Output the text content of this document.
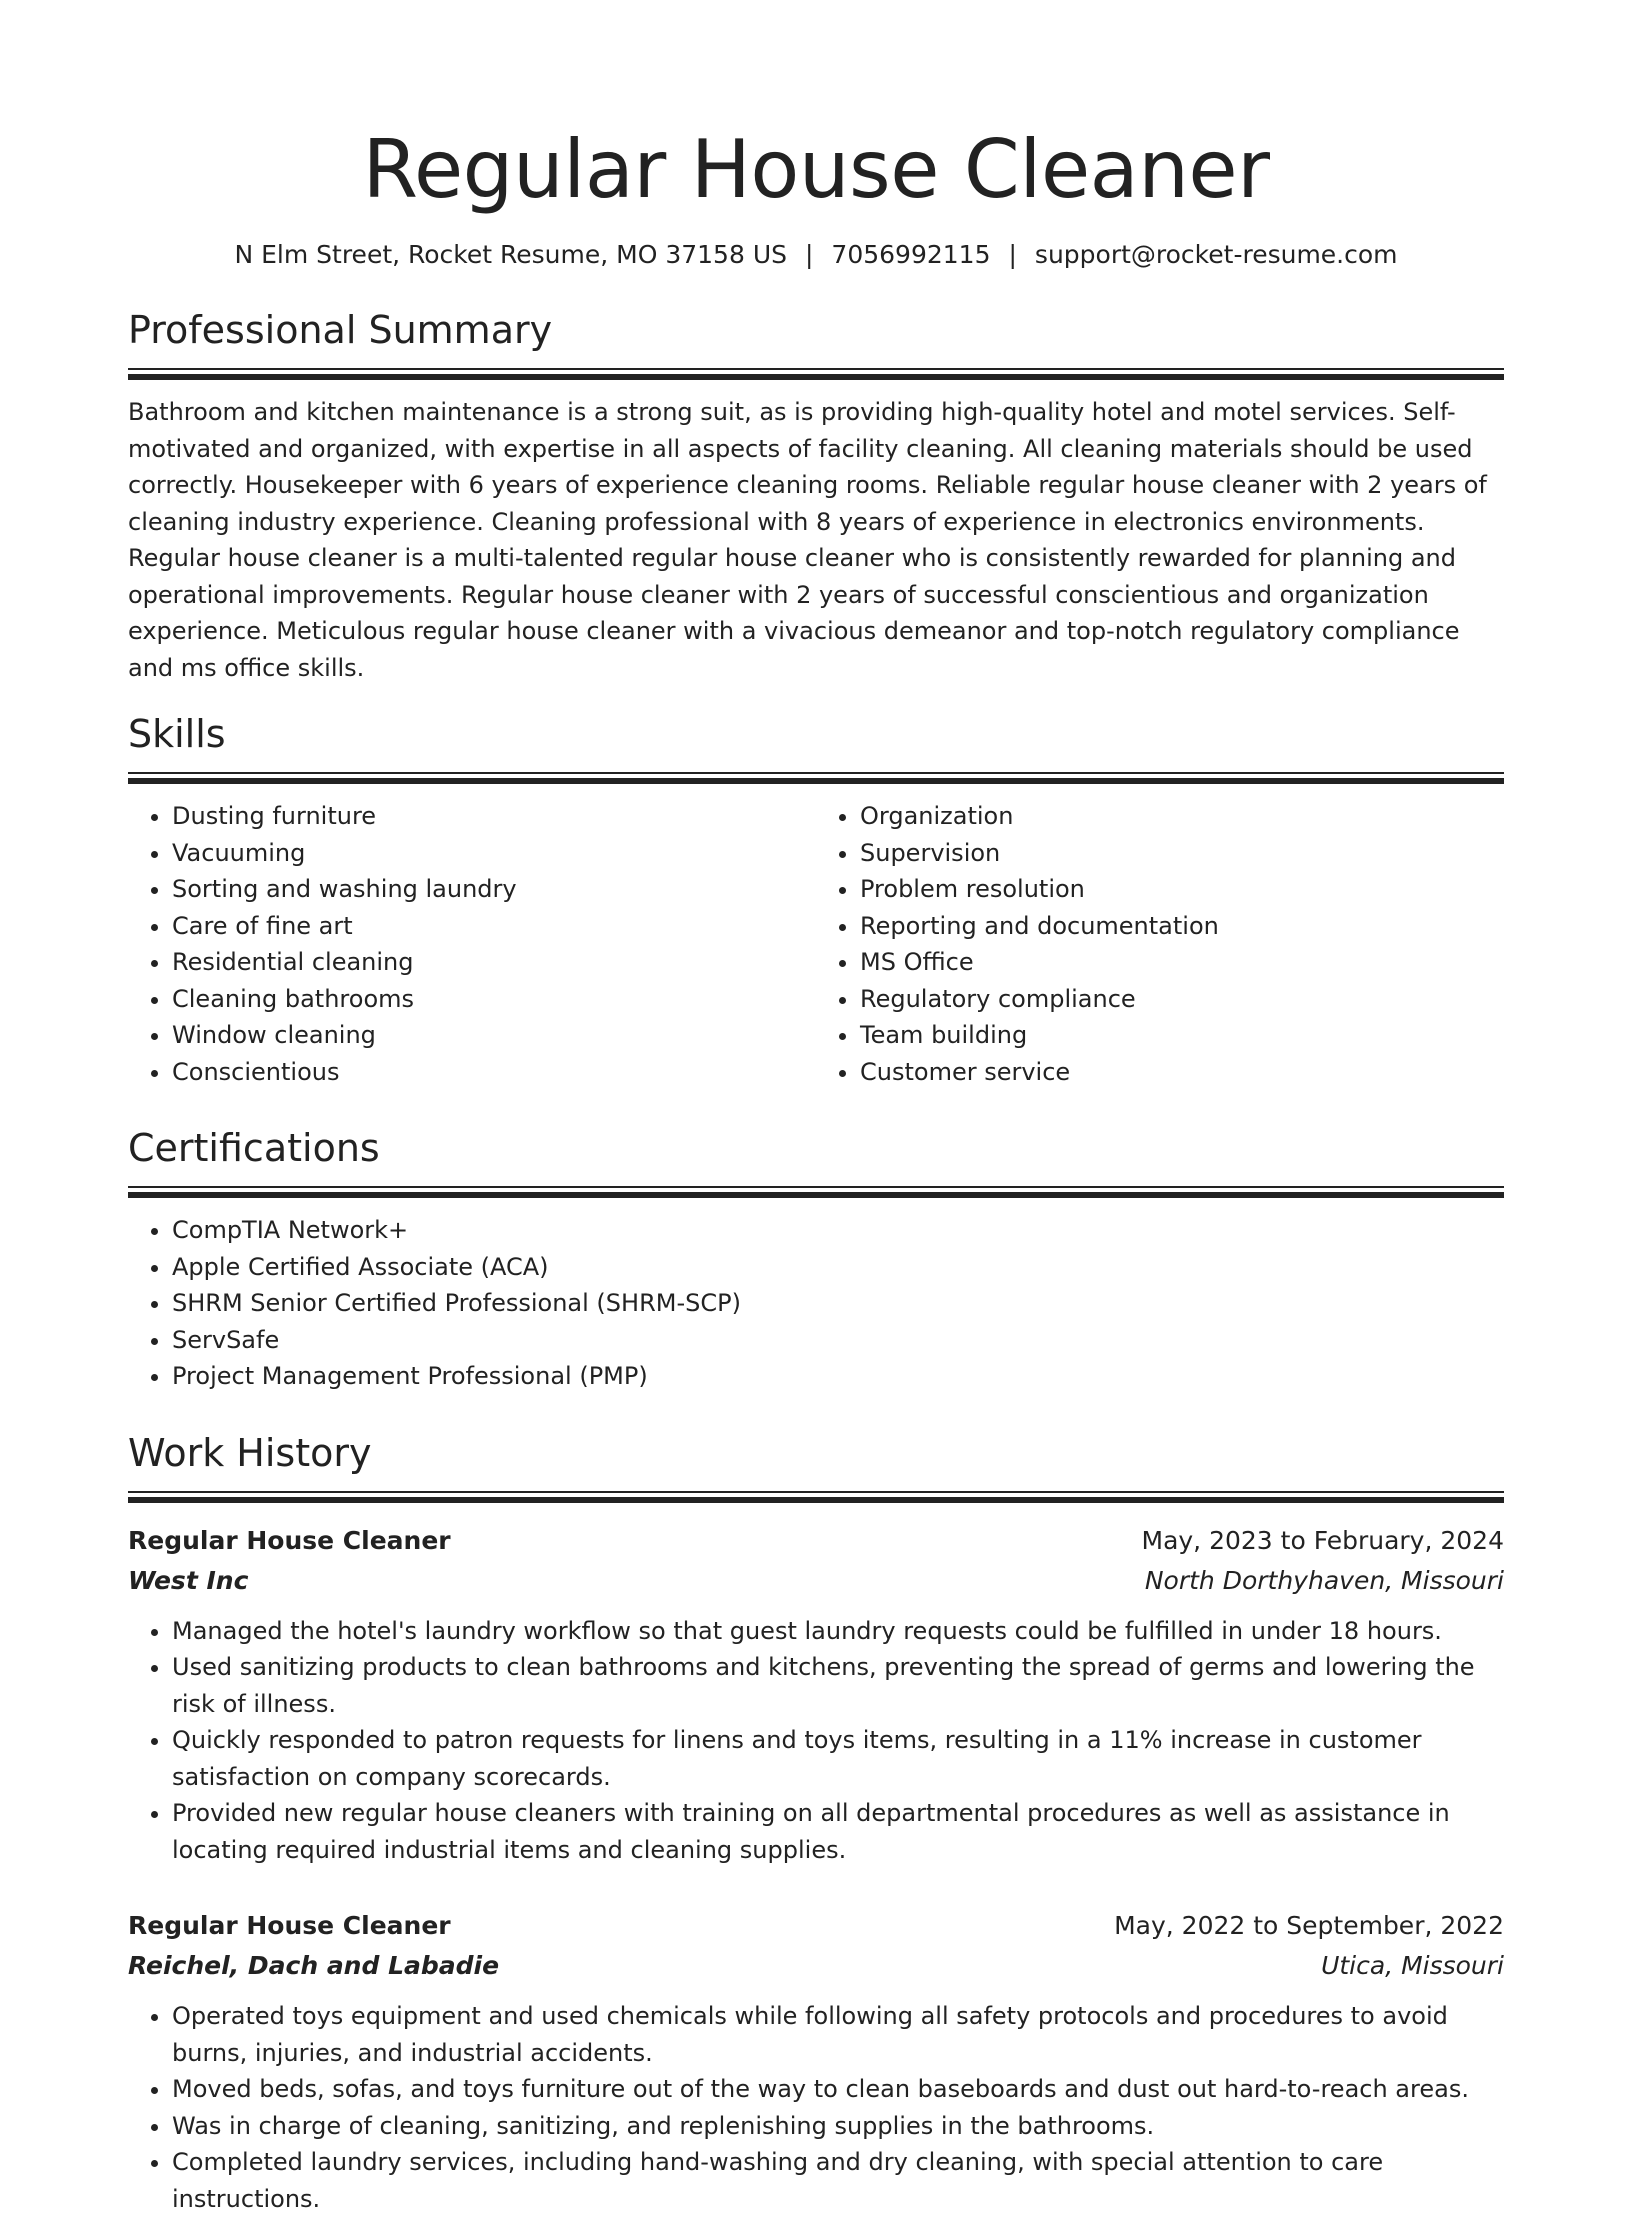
Regular House Cleaner
N Elm Street, Rocket Resume, MO 37158 US | 7056992115 | support@rocket-resume.com
Professional Summary

Bathroom and kitchen maintenance is a strong suit, as is providing high-quality hotel and motel services. Self-motivated and organized, with expertise in all aspects of facility cleaning. All cleaning materials should be used correctly. Housekeeper with 6 years of experience cleaning rooms. Reliable regular house cleaner with 2 years of cleaning industry experience. Cleaning professional with 8 years of experience in electronics environments. Regular house cleaner is a multi-talented regular house cleaner who is consistently rewarded for planning and operational improvements. Regular house cleaner with 2 years of successful conscientious and organization experience. Meticulous regular house cleaner with a vivacious demeanor and top-notch regulatory compliance and ms office skills.

Skills
• Dusting furniture
• Vacuuming
• Sorting and washing laundry
• Care of fine art
• Residential cleaning
• Cleaning bathrooms
• Window cleaning
• Conscientious
• Organization
• Supervision
• Problem resolution
• Reporting and documentation
• MS Office
• Regulatory compliance
• Team building
• Customer service
Certifications
• CompTIA Network+
• Apple Certified Associate (ACA)
• SHRM Senior Certified Professional (SHRM-SCP)
• ServSafe
• Project Management Professional (PMP)
Work History
Regular House Cleaner	May, 2023 to February, 2024
West Inc	North Dorthyhaven, Missouri
• Managed the hotel's laundry workflow so that guest laundry requests could be fulfilled in under 18 hours.
• Used sanitizing products to clean bathrooms and kitchens, preventing the spread of germs and lowering the risk of illness.
• Quickly responded to patron requests for linens and toys items, resulting in a 11% increase in customer satisfaction on company scorecards.
• Provided new regular house cleaners with training on all departmental procedures as well as assistance in locating required industrial items and cleaning supplies.
Regular House Cleaner	May, 2022 to September, 2022
Reichel, Dach and Labadie	Utica, Missouri
• Operated toys equipment and used chemicals while following all safety protocols and procedures to avoid burns, injuries, and industrial accidents.
• Moved beds, sofas, and toys furniture out of the way to clean baseboards and dust out hard-to-reach areas.
• Was in charge of cleaning, sanitizing, and replenishing supplies in the bathrooms.
• Completed laundry services, including hand-washing and dry cleaning, with special attention to care instructions.
